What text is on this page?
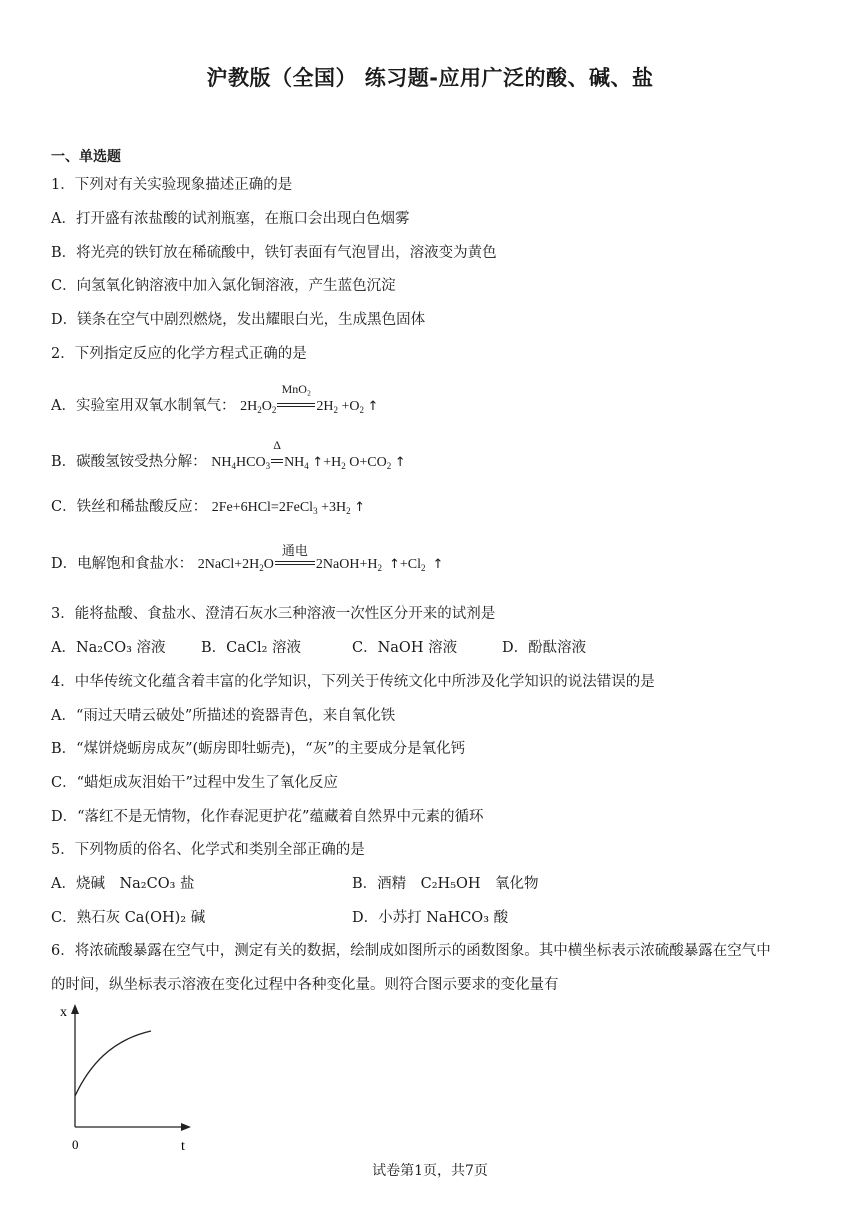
沪教版（全国） 练习题-应用广泛的酸、碱、盐
一、单选题
1．下列对有关实验现象描述正确的是
A．打开盛有浓盐酸的试剂瓶塞，在瓶口会出现白色烟雾
B．将光亮的铁钉放在稀硫酸中，铁钉表面有气泡冒出，溶液变为黄色
C．向氢氧化钠溶液中加入氯化铜溶液，产生蓝色沉淀
D．镁条在空气中剧烈燃烧，发出耀眼白光，生成黑色固体
2．下列指定反应的化学方程式正确的是
A．实验室用双氧水制氧气： $2H_2O_2$
MnO₂
$2H_2 +O_2$ ↑
B．碳酸氢铵受热分解： $NH_4HCO_3$
Δ
$NH_4$ $↑+H_2$ $O+CO_2$ ↑
C．铁丝和稀盐酸反应： 2Fe+6HCl=2FeCl$_3$ $+3H_2$ ↑
D．电解饱和食盐水： $2NaCl+2H_2O$
通电
$2NaOH+H_2$ $↑+Cl_2$ ↑
3．能将盐酸、食盐水、澄清石灰水三种溶液一次性区分开来的试剂是
A．Na₂CO₃ 溶液 B．CaCl₂ 溶液	C．NaOH 溶液	D．酚酞溶液
4．中华传统文化蕴含着丰富的化学知识，下列关于传统文化中所涉及化学知识的说法错误的是
A．“雨过天晴云破处”所描述的瓷器青色，来自氧化铁
B．“煤饼烧蛎房成灰”(蛎房即牡蛎壳)，“灰”的主要成分是氧化钙
C．“蜡炬成灰泪始干”过程中发生了氧化反应
D．“落红不是无情物，化作春泥更护花”蕴藏着自然界中元素的循环
5．下列物质的俗名、化学式和类别全部正确的是
A．烧碱　Na₂CO₃ 盐	B．酒精　C₂H₅OH　氧化物
C．熟石灰 Ca(OH)₂ 碱	D．小苏打 NaHCO₃ 酸
6．将浓硫酸暴露在空气中，测定有关的数据，绘制成如图所示的函数图象。其中横坐标表示浓硫酸暴露在空气中
的时间，纵坐标表示溶液在变化过程中各种变化量。则符合图示要求的变化量有
x
t
0
试卷第1页，共7页
